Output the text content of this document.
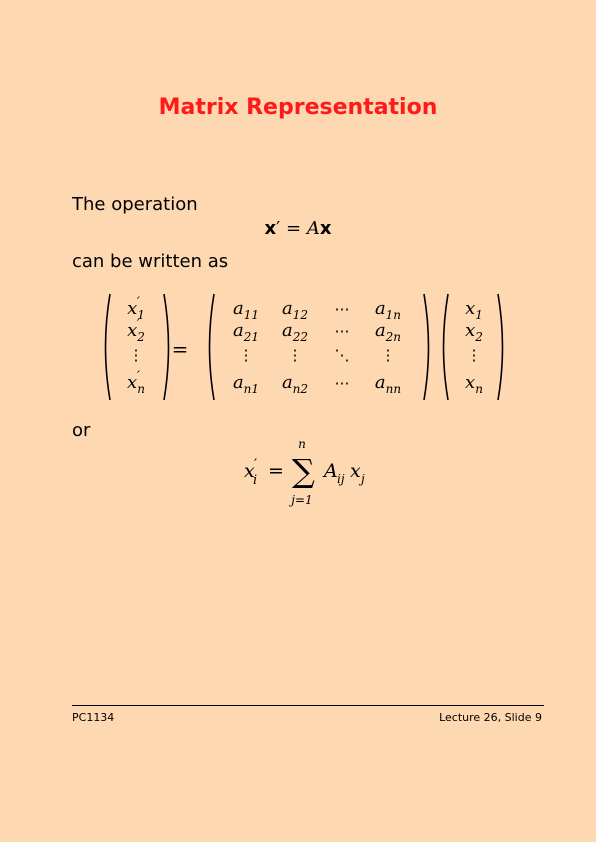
Matrix Representation
The operation
x′ = Ax
can be written as
$x_1'$
$x_2'$
⋮
$x_n'$
$a_{11}$ $a_{12}$ ⋯ $a_{1n}$
$a_{21}$ $a_{22}$ ⋯ $a_{2n}$
⋮ ⋮ ⋱ ⋮
$a_{n1}$ $a_{n2}$ ⋯ $a_{nn}$
$x_1$
$x_2$
⋮
$x_n$
=
or
x
i
′ = ∑
n
j=1
A ij x j
PC1134	Lecture 26, Slide 9
